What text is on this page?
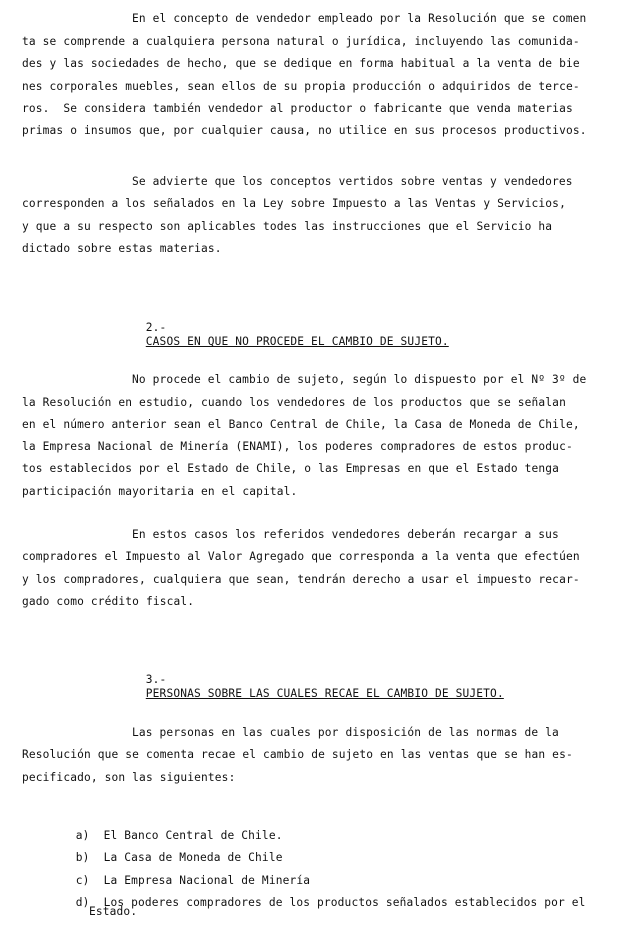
En el concepto de vendedor empleado por la Resolución que se comen
ta se comprende a cualquiera persona natural o jurídica, incluyendo las comunida-
des y las sociedades de hecho, que se dedique en forma habitual a la venta de bie
nes corporales muebles, sean ellos de su propia producción o adquiridos de terce-
ros.  Se considera también vendedor al productor o fabricante que venda materias
primas o insumos que, por cualquier causa, no utilice en sus procesos productivos.
Se advierte que los conceptos vertidos sobre ventas y vendedores
corresponden a los señalados en la Ley sobre Impuesto a las Ventas y Servicios,
y que a su respecto son aplicables todes las instrucciones que el Servicio ha
dictado sobre estas materias.

2.-
CASOS EN QUE NO PROCEDE EL CAMBIO DE SUJETO.

No procede el cambio de sujeto, según lo dispuesto por el Nº 3º de
la Resolución en estudio, cuando los vendedores de los productos que se señalan
en el número anterior sean el Banco Central de Chile, la Casa de Moneda de Chile,
la Empresa Nacional de Minería (ENAMI), los poderes compradores de estos produc-
tos establecidos por el Estado de Chile, o las Empresas en que el Estado tenga
participación mayoritaria en el capital.
En estos casos los referidos vendedores deberán recargar a sus
compradores el Impuesto al Valor Agregado que corresponda a la venta que efectúen
y los compradores, cualquiera que sean, tendrán derecho a usar el impuesto recar-
gado como crédito fiscal.

3.-
PERSONAS SOBRE LAS CUALES RECAE EL CAMBIO DE SUJETO.

Las personas en las cuales por disposición de las normas de la
Resolución que se comenta recae el cambio de sujeto en las ventas que se han es-
pecificado, son las siguientes:

a) El Banco Central de Chile.

b) La Casa de Moneda de Chile

c) La Empresa Nacional de Minería

d) Los poderes compradores de los productos señalados establecidos por el

Estado.
